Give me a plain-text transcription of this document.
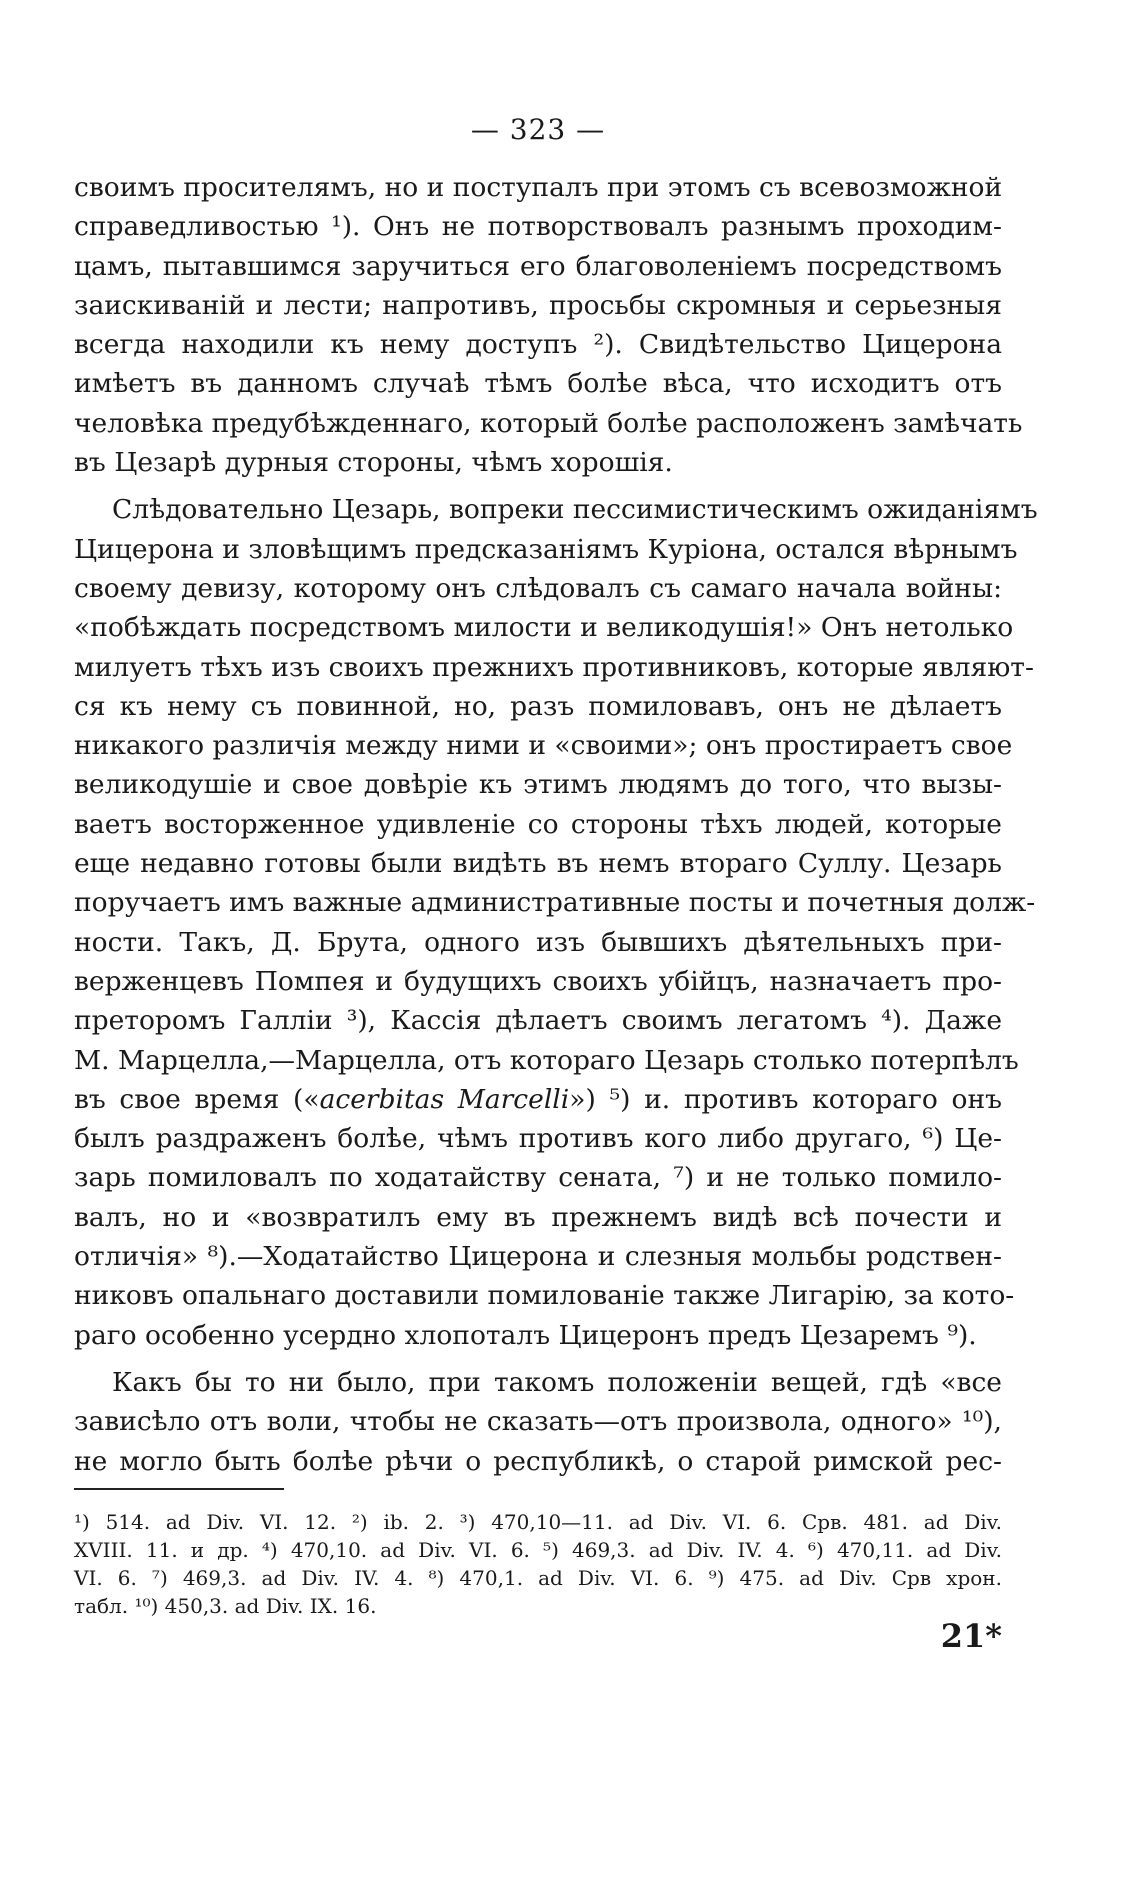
— 323 —
своимъ просителямъ, но и поступалъ при этомъ съ всевозможной
справедливостью ¹). Онъ не потворствовалъ разнымъ проходим-
цамъ, пытавшимся заручиться его благоволеніемъ посредствомъ
заискиваній и лести; напротивъ, просьбы скромныя и серьезныя
всегда находили къ нему доступъ ²). Свидѣтельство Цицерона
имѣетъ въ данномъ случаѣ тѣмъ болѣе вѣса, что исходитъ отъ
человѣка предубѣжденнаго, который болѣе расположенъ замѣчать
въ Цезарѣ дурныя стороны, чѣмъ хорошія.
Слѣдовательно Цезарь, вопреки пессимистическимъ ожиданіямъ
Цицерона и зловѣщимъ предсказаніямъ Куріона, остался вѣрнымъ
своему девизу, которому онъ слѣдовалъ съ самаго начала войны:
«побѣждать посредствомъ милости и великодушія!» Онъ нетолько
милуетъ тѣхъ изъ своихъ прежнихъ противниковъ, которые являют-
ся къ нему съ повинной, но, разъ помиловавъ, онъ не дѣлаетъ
никакого различія между ними и «своими»; онъ простираетъ свое
великодушіе и свое довѣріе къ этимъ людямъ до того, что вызы-
ваетъ восторженное удивленіе со стороны тѣхъ людей, которые
еще недавно готовы были видѣть въ немъ втораго Суллу. Цезарь
поручаетъ имъ важные административные посты и почетныя долж-
ности. Такъ, Д. Брута, одного изъ бывшихъ дѣятельныхъ при-
верженцевъ Помпея и будущихъ своихъ убійцъ, назначаетъ про-
преторомъ Галліи ³), Кассія дѣлаетъ своимъ легатомъ ⁴). Даже
М. Марцелла,—Марцелла, отъ котораго Цезарь столько потерпѣлъ
въ свое время («acerbitas Marcelli») ⁵) и. противъ котораго онъ
былъ раздраженъ болѣе, чѣмъ противъ кого либо другаго, ⁶) Це-
зарь помиловалъ по ходатайству сената, ⁷) и не только помило-
валъ, но и «возвратилъ ему въ прежнемъ видѣ всѣ почести и
отличія» ⁸).—Ходатайство Цицерона и слезныя мольбы родствен-
никовъ опальнаго доставили помилованіе также Лигарію, за кото-
раго особенно усердно хлопоталъ Цицеронъ предъ Цезаремъ ⁹).
Какъ бы то ни было, при такомъ положеніи вещей, гдѣ «все
зависѣло отъ воли, чтобы не сказать—отъ произвола, одного» ¹⁰),
не могло быть болѣе рѣчи о республикѣ, о старой римской рес-
¹) 514. ad Div. VI. 12. ²) ib. 2. ³) 470,10—11. ad Div. VI. 6. Срв. 481. ad Div.
XVIII. 11. и др. ⁴) 470,10. ad Div. VI. 6. ⁵) 469,3. ad Div. IV. 4. ⁶) 470,11. ad Div.
VI. 6. ⁷) 469,3. ad Div. IV. 4. ⁸) 470,1. ad Div. VI. 6. ⁹) 475. ad Div. Срв хрон.
табл. ¹⁰) 450,3. ad Div. IX. 16.
21*
